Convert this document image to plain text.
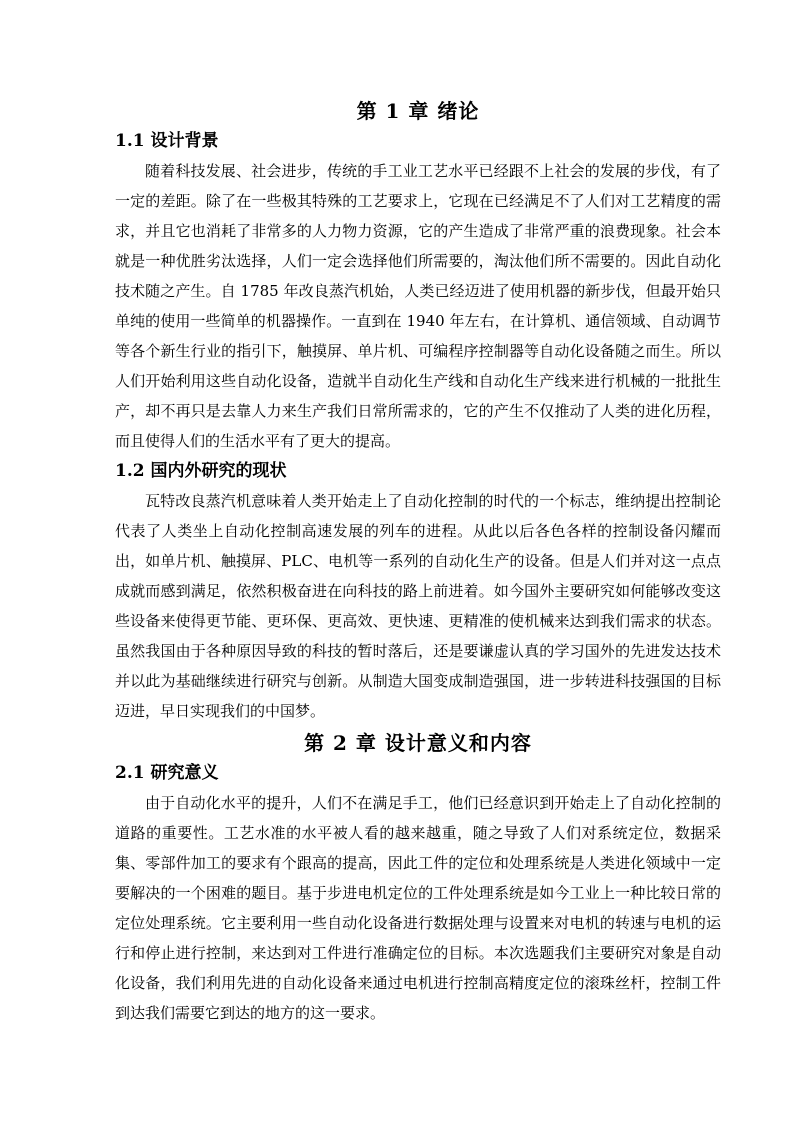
第 1 章 绪论
1.1 设计背景

随着科技发展、社会进步，传统的手工业工艺水平已经跟不上社会的发展的步伐，有了一定的差距。除了在一些极其特殊的工艺要求上，它现在已经满足不了人们对工艺精度的需求，并且它也消耗了非常多的人力物力资源，它的产生造成了非常严重的浪费现象。社会本就是一种优胜劣汰选择，人们一定会选择他们所需要的，淘汰他们所不需要的。因此自动化技术随之产生。自 1785 年改良蒸汽机始，人类已经迈进了使用机器的新步伐，但最开始只单纯的使用一些简单的机器操作。一直到在 1940 年左右，在计算机、通信领域、自动调节等各个新生行业的指引下，触摸屏、单片机、可编程序控制器等自动化设备随之而生。所以人们开始利用这些自动化设备，造就半自动化生产线和自动化生产线来进行机械的一批批生产，却不再只是去靠人力来生产我们日常所需求的，它的产生不仅推动了人类的进化历程，而且使得人们的生活水平有了更大的提高。

1.2 国内外研究的现状

瓦特改良蒸汽机意味着人类开始走上了自动化控制的时代的一个标志，维纳提出控制论代表了人类坐上自动化控制高速发展的列车的进程。从此以后各色各样的控制设备闪耀而出，如单片机、触摸屏、PLC、电机等一系列的自动化生产的设备。但是人们并对这一点点成就而感到满足，依然积极奋进在向科技的路上前进着。如今国外主要研究如何能够改变这些设备来使得更节能、更环保、更高效、更快速、更精准的使机械来达到我们需求的状态。虽然我国由于各种原因导致的科技的暂时落后，还是要谦虚认真的学习国外的先进发达技术并以此为基础继续进行研究与创新。从制造大国变成制造强国，进一步转进科技强国的目标迈进，早日实现我们的中国梦。

第 2 章 设计意义和内容
2.1 研究意义

由于自动化水平的提升，人们不在满足手工，他们已经意识到开始走上了自动化控制的道路的重要性。工艺水准的水平被人看的越来越重，随之导致了人们对系统定位，数据采集、零部件加工的要求有个跟高的提高，因此工件的定位和处理系统是人类进化领域中一定要解决的一个困难的题目。基于步进电机定位的工件处理系统是如今工业上一种比较日常的定位处理系统。它主要利用一些自动化设备进行数据处理与设置来对电机的转速与电机的运行和停止进行控制，来达到对工件进行准确定位的目标。本次选题我们主要研究对象是自动化设备，我们利用先进的自动化设备来通过电机进行控制高精度定位的滚珠丝杆，控制工件到达我们需要它到达的地方的这一要求。
